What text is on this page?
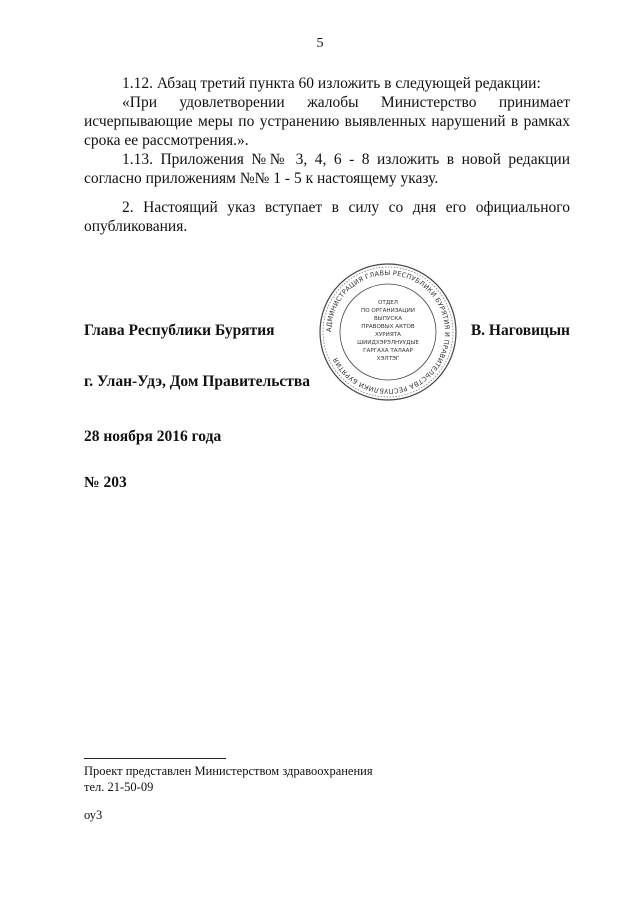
5

1.12. Абзац третий пункта 60 изложить в следующей редакции:

«При удовлетворении жалобы Министерство принимает исчерпывающие меры по устранению выявленных нарушений в рамках срока ее рассмотрения.».

1.13. Приложения №№ 3, 4, 6 - 8 изложить в новой редакции согласно приложениям №№ 1 - 5 к настоящему указу.

2. Настоящий указ вступает в силу со дня его официального опубликования.

Глава Республики Бурятия	В. Наговицын
АДМИНИСТРАЦИЯ ГЛАВЫ РЕСПУБЛИКИ БУРЯТИЯ И ПРАВИТЕЛЬСТВА РЕСПУБЛИКИ БУРЯТИЯ
ОТДЕЛ
ПО ОРГАНИЗАЦИИ
ВЫПУСКА
ПРАВОВЫХ АКТОВ
ХУРИЯТА
ШИИДХЭРЭЛНУУДЫЕ
ГАРГАХА ТАЛААР
ХЭЛТЭГ
г. Улан-Удэ, Дом Правительства
28 ноября 2016 года
№ 203
Проект представлен Министерством здравоохранения
тел. 21-50-09
оу3
